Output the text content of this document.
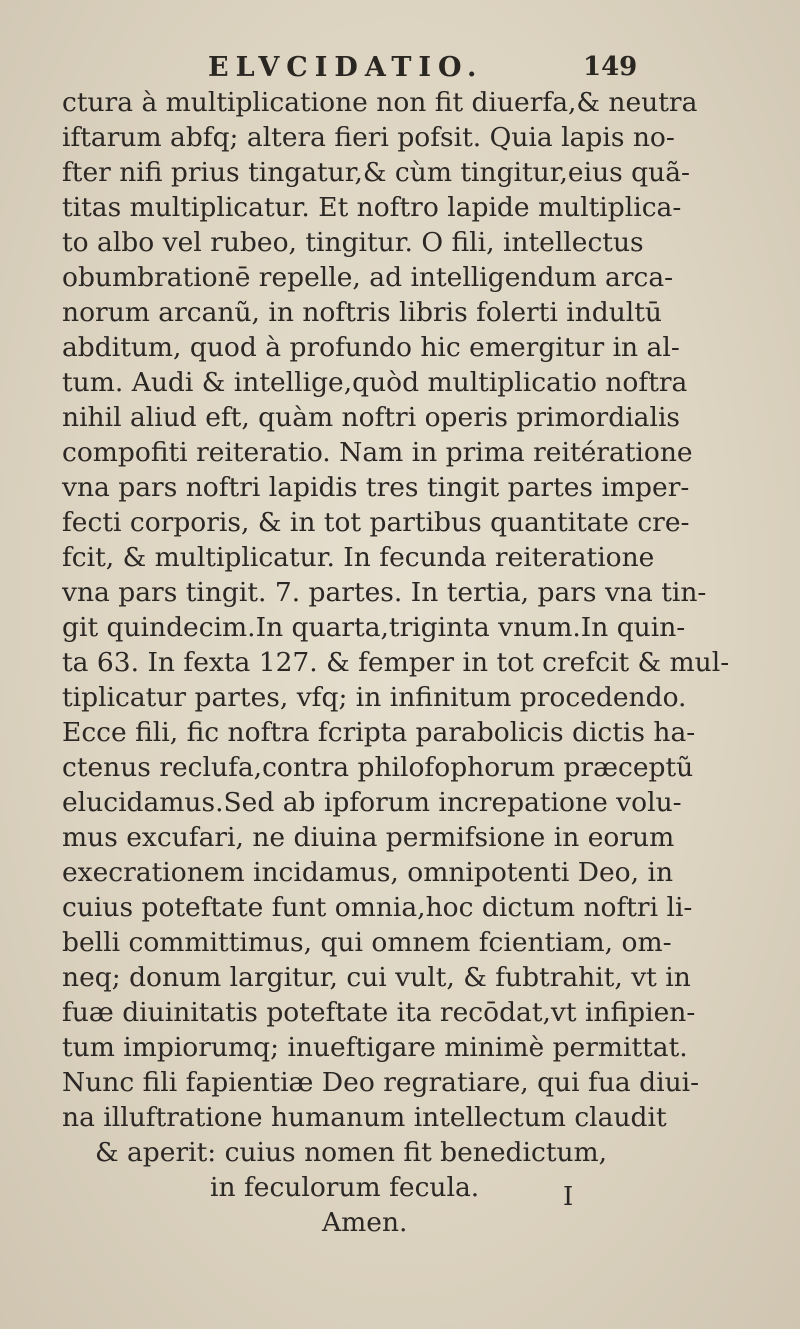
ELVCIDATIO.	149
ctura à multiplicatione non fit diuerfa,& neutra
iftarum abfq; altera fieri pofsit. Quia lapis no-
fter nifi prius tingatur,& cùm tingitur,eius quã-
titas multiplicatur. Et noftro lapide multiplica-
to albo vel rubeo, tingitur. O fili, intellectus
obumbrationē repelle, ad intelligendum arca-
norum arcanũ, in noftris libris folerti indultū
abditum, quod à profundo hic emergitur in al-
tum. Audi & intellige,quòd multiplicatio noftra
nihil aliud eft, quàm noftri operis primordialis
compofiti reiteratio. Nam in prima reitératione
vna pars noftri lapidis tres tingit partes imper-
fecti corporis, & in tot partibus quantitate cre-
fcit, & multiplicatur. In fecunda reiteratione
vna pars tingit. 7. partes. In tertia, pars vna tin-
git quindecim.In quarta,triginta vnum.In quin-
ta 63. In fexta 127. & femper in tot crefcit & mul-
tiplicatur partes, vfq; in infinitum procedendo.
Ecce fili, fic noftra fcripta parabolicis dictis ha-
ctenus reclufa,contra philofophorum præceptũ
elucidamus.Sed ab ipforum increpatione volu-
mus excufari, ne diuina permifsione in eorum
execrationem incidamus, omnipotenti Deo, in
cuius poteftate funt omnia,hoc dictum noftri li-
belli committimus, qui omnem fcientiam, om-
neq; donum largitur, cui vult, & fubtrahit, vt in
fuæ diuinitatis poteftate ita recōdat,vt infipien-
tum impiorumq; inueftigare minimè permittat.
Nunc fili fapientiæ Deo regratiare, qui fua diui-
na illuftratione humanum intellectum claudit
& aperit: cuius nomen fit benedictum,
in feculorum fecula.
Amen.
I
